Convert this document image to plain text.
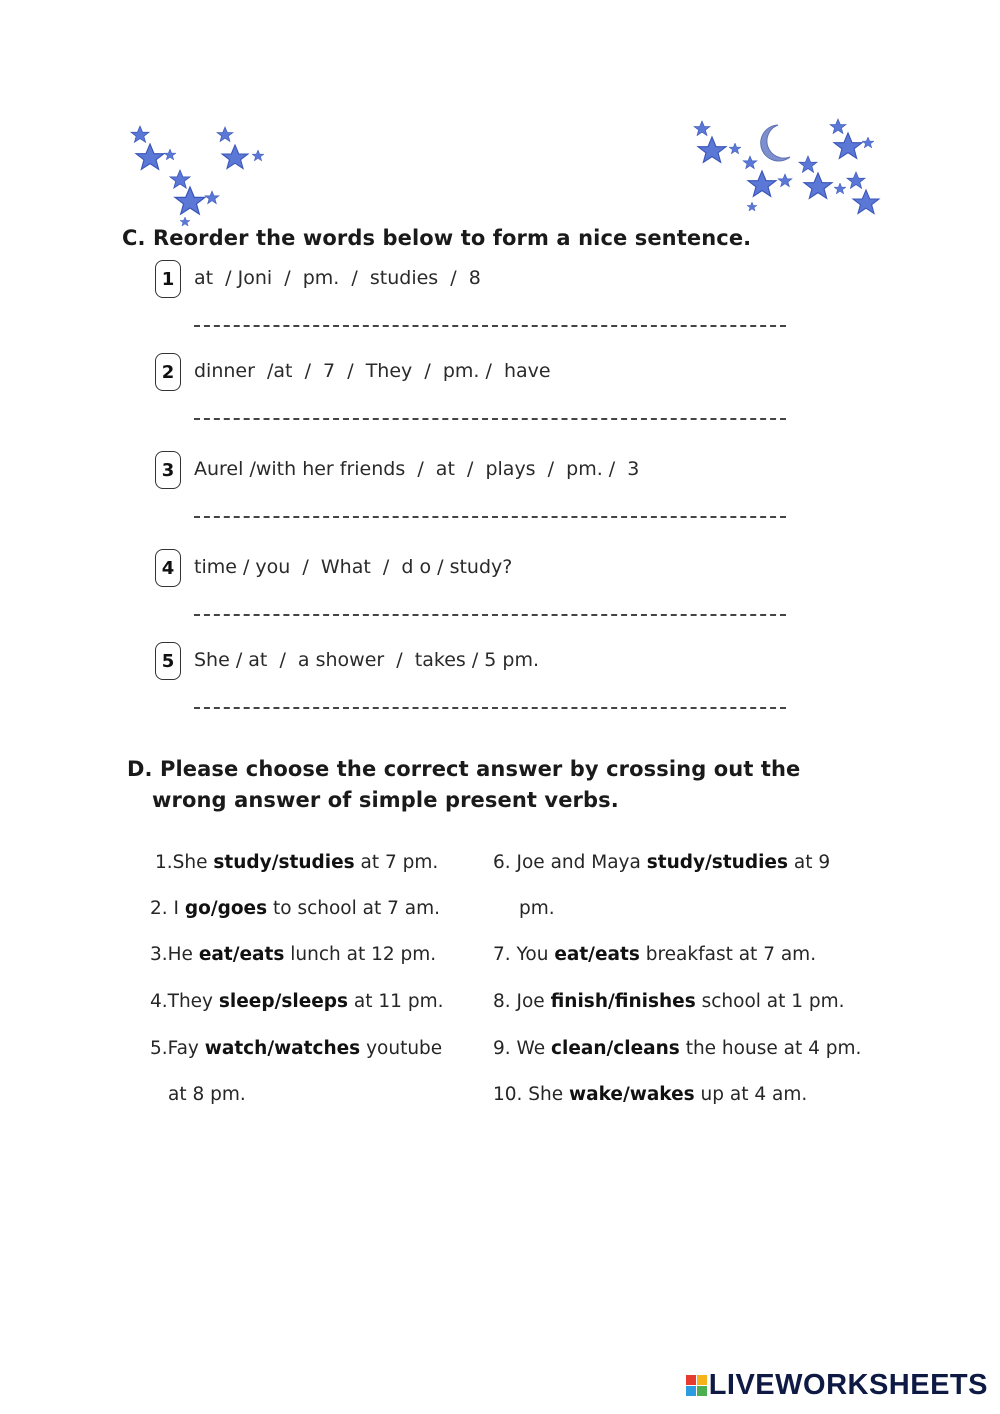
C. Reorder the words below to form a nice sentence.
1	at  / Joni  /  pm.  /  studies  /  8
2	dinner  /at  /  7  /  They  /  pm. /  have
3	Aurel /with her friends  /  at  /  plays  /  pm. /  3
4	time / you  /  What  /  d o / study?
5	She / at  /  a shower  /  takes / 5 pm.
D. Please choose the correct answer by crossing out the
wrong answer of simple present verbs.
1.She study/studies at 7 pm.
2. I go/goes to school at 7 am.
3.He eat/eats lunch at 12 pm.
4.They sleep/sleeps at 11 pm.
5.Fay watch/watches youtube
at 8 pm.
6. Joe and Maya study/studies at 9
pm.
7. You eat/eats breakfast at 7 am.
8. Joe finish/finishes school at 1 pm.
9. We clean/cleans the house at 4 pm.
10. She wake/wakes up at 4 am.
LIVEWORKSHEETS
